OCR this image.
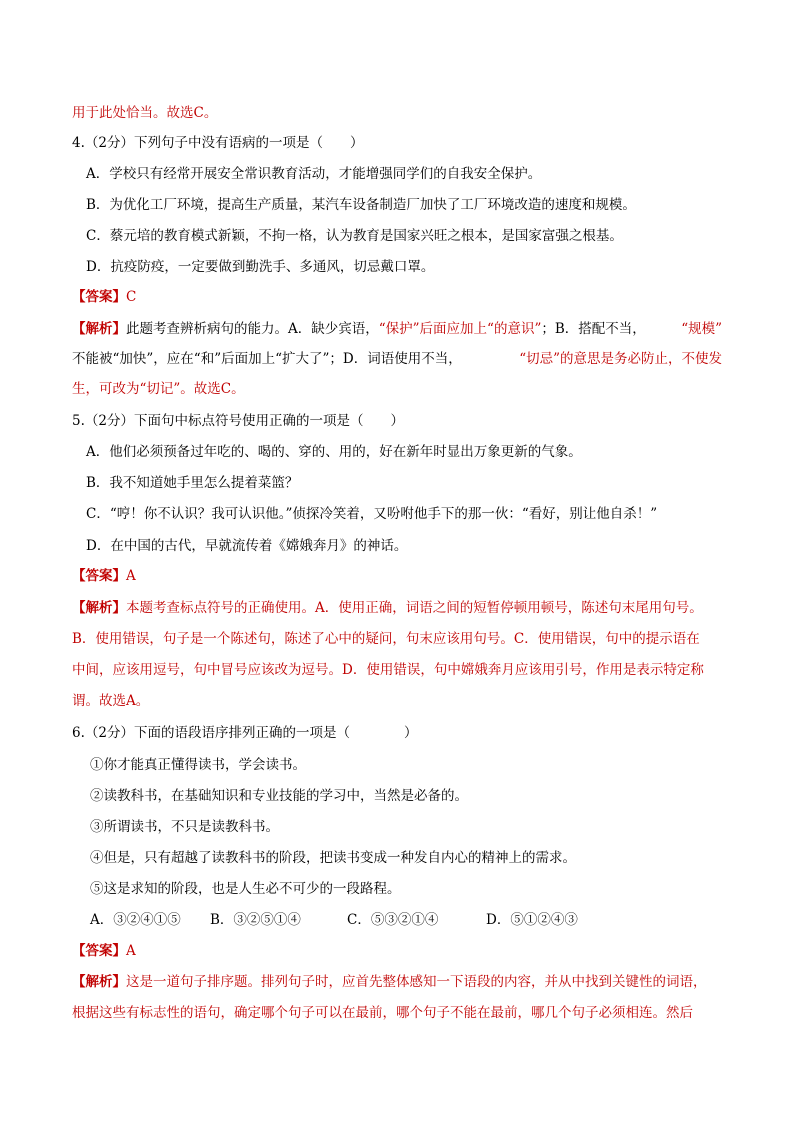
用于此处恰当。故选C。
4.（2分）下列句子中没有语病的一项是（　　）
A．学校只有经常开展安全常识教育活动，才能增强同学们的自我安全保护。
B．为优化工厂环境，提高生产质量，某汽车设备制造厂加快了工厂环境改造的速度和规模。
C．蔡元培的教育模式新颖，不拘一格，认为教育是国家兴旺之根本，是国家富强之根基。
D．抗疫防疫，一定要做到勤洗手、多通风，切忌戴口罩。
【答案】C
【解析】此题考查辨析病句的能力。A．缺少宾语，“保护”后面应加上“的意识”；B．搭配不当，	“规模”
不能被“加快”，应在“和”后面加上“扩大了”；D．词语使用不当，	“切忌”的意思是务必防止，不使发
生，可改为“切记”。故选C。
5.（2分）下面句中标点符号使用正确的一项是（　　）
A．他们必须预备过年吃的、喝的、穿的、用的，好在新年时显出万象更新的气象。
B．我不知道她手里怎么提着菜篮？
C．“哼！你不认识？我可认识他。”侦探冷笑着，又吩咐他手下的那一伙：“看好，别让他自杀！”
D．在中国的古代，早就流传着《嫦娥奔月》的神话。
【答案】A
【解析】本题考查标点符号的正确使用。A．使用正确，词语之间的短暂停顿用顿号，陈述句末尾用句号。
B．使用错误，句子是一个陈述句，陈述了心中的疑问，句末应该用句号。C．使用错误，句中的提示语在
中间，应该用逗号，句中冒号应该改为逗号。D．使用错误，句中嫦娥奔月应该用引号，作用是表示特定称
谓。故选A。
6.（2分）下面的语段语序排列正确的一项是（　　　　）
①你才能真正懂得读书，学会读书。
②读教科书，在基础知识和专业技能的学习中，当然是必备的。
③所谓读书，不只是读教科书。
④但是，只有超越了读教科书的阶段，把读书变成一种发自内心的精神上的需求。
⑤这是求知的阶段，也是人生必不可少的一段路程。
A．③②④①⑤ B．③②⑤①④	C．⑤③②①④	D．⑤①②④③
【答案】A
【解析】这是一道句子排序题。排列句子时，应首先整体感知一下语段的内容，并从中找到关键性的词语，
根据这些有标志性的语句，确定哪个句子可以在最前，哪个句子不能在最前，哪几个句子必须相连。然后
